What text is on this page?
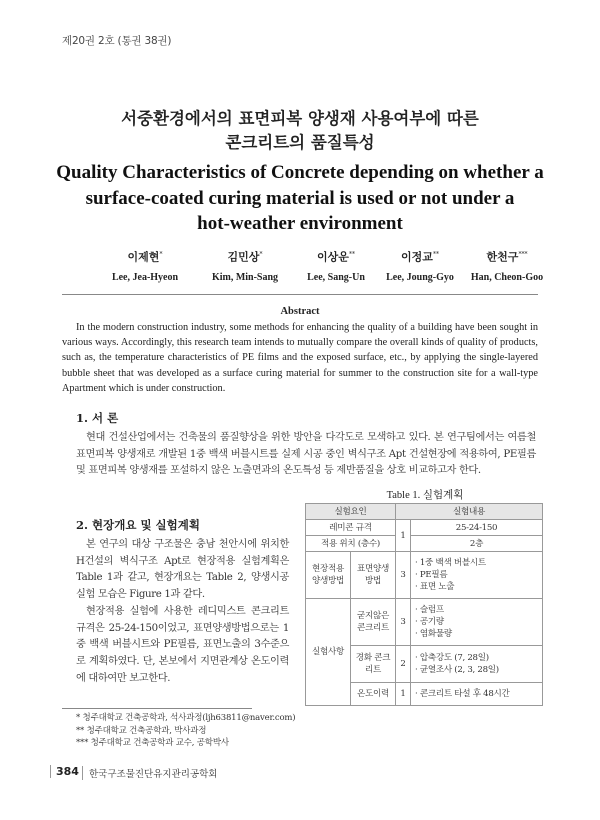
제20권 2호 (통권 38권)
서중환경에서의 표면피복 양생재 사용여부에 따른
콘크리트의 품질특성
Quality Characteristics of Concrete depending on whether a
surface-coated curing material is used or not under a
hot-weather environment
이제현*
Lee, Jea-Hyeon
김민상*
Kim, Min-Sang
이상운**
Lee, Sang-Un
이정교**
Lee, Joung-Gyo
한천구***
Han, Cheon-Goo
Abstract
In the modern construction industry, some methods for enhancing the quality of a building have been sought in various ways. Accordingly, this research team intends to mutually compare the overall kinds of quality of products, such as, the temperature characteristics of PE films and the exposed surface, etc., by applying the single-layered bubble sheet that was developed as a surface curing material for summer to the construction site for a wall-type Apartment which is under construction.
1. 서 론
현대 건설산업에서는 건축물의 품질향상을 위한 방안을 다각도로 모색하고 있다. 본 연구팀에서는 여름철 표면피복 양생재로 개발된 1중 백색 버블시트를 실제 시공 중인 벽식구조 Apt 건설현장에 적용하여, PE필름 및 표면피복 양생재를 포설하지 않은 노출면과의 온도특성 등 제반품질을 상호 비교하고자 한다.
2. 현장개요 및 실험계획
본 연구의 대상 구조물은 충남 천안시에 위치한 H건설의 벽식구조 Apt로 현장적용 실험계획은 Table 1과 같고, 현장개요는 Table 2, 양생시공 실험 모습은 Figure 1과 같다.
현장적용 실험에 사용한 레디믹스트 콘크리트 규격은 25-24-150이었고, 표면양생방법으로는 1중 백색 버블시트와 PE필름, 표면노출의 3수준으로 계획하였다. 단, 본보에서 지면관계상 온도이력에 대하여만 보고한다.
Table 1. 실험계획
실험요인		실험내용	
레미콘 규격		1	25-24-150
적용 위치 (층수)			2층
현장적용 양생방법	표면양생 방법	3	· 1중 백색 버블시트
· PE필름
· 표면 노출

실험사항	굳지않은 콘크리트	3	· 슬럼프
· 공기량
· 염화물량

	경화 콘크리트	2	· 압축강도 (7, 28일)
· 균열조사 (2, 3, 28일)

	온도이력	1	· 콘크리트 타설 후 48시간
* 청주대학교 건축공학과, 석사과정(ljh63811@naver.com)
** 청주대학교 건축공학과, 박사과정
*** 청주대학교 건축공학과 교수, 공학박사
384	한국구조물진단유지관리공학회
